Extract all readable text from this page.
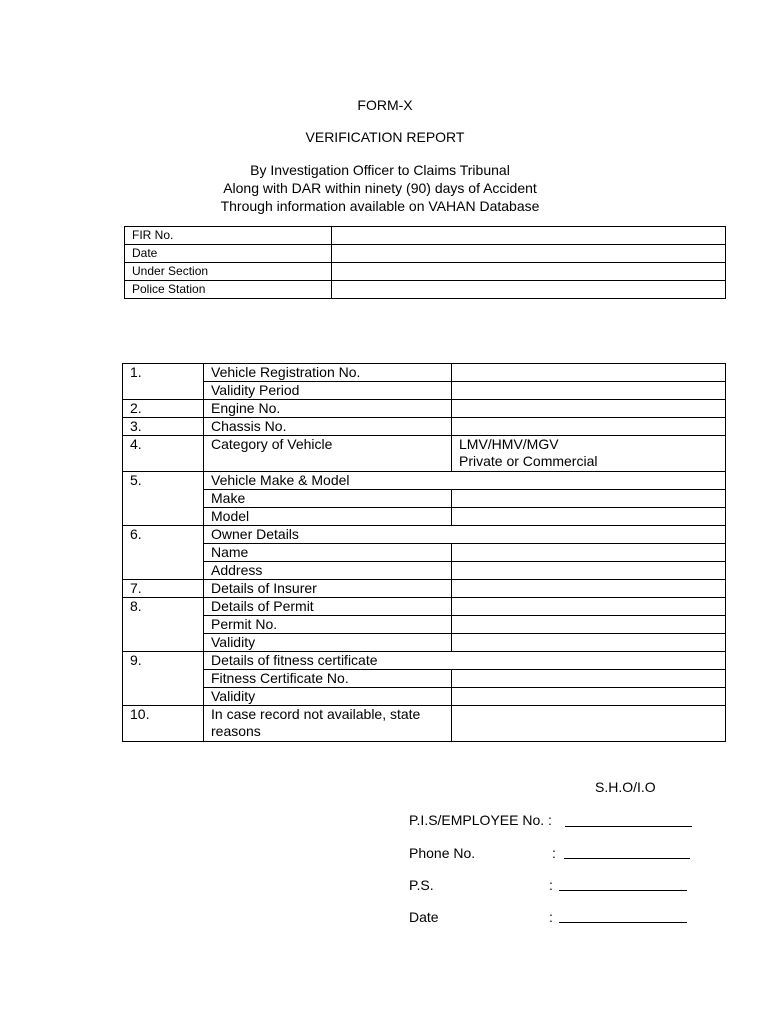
FORM-X
VERIFICATION REPORT
By Investigation Officer to Claims Tribunal
Along with DAR within ninety (90) days of Accident
Through information available on VAHAN Database
FIR No.	
Date	
Under Section	
Police Station	
1.	Vehicle Registration No.	
	Validity Period	
2.	Engine No.	
3.	Chassis No.	
4.	Category of Vehicle	LMV/HMV/MGV
Private or Commercial

5.	Vehicle Make & Model	
	Make	
	Model	
6.	Owner Details	
	Name	
	Address	
7.	Details of Insurer	
8.	Details of Permit	
	Permit No.	
	Validity	
9.	Details of fitness certificate	
	Fitness Certificate No.	
	Validity	
10.	In case record not available, state
reasons	

S.H.O/I.O
P.I.S/EMPLOYEE No. :
Phone No.	:
P.S.	:
Date	:
